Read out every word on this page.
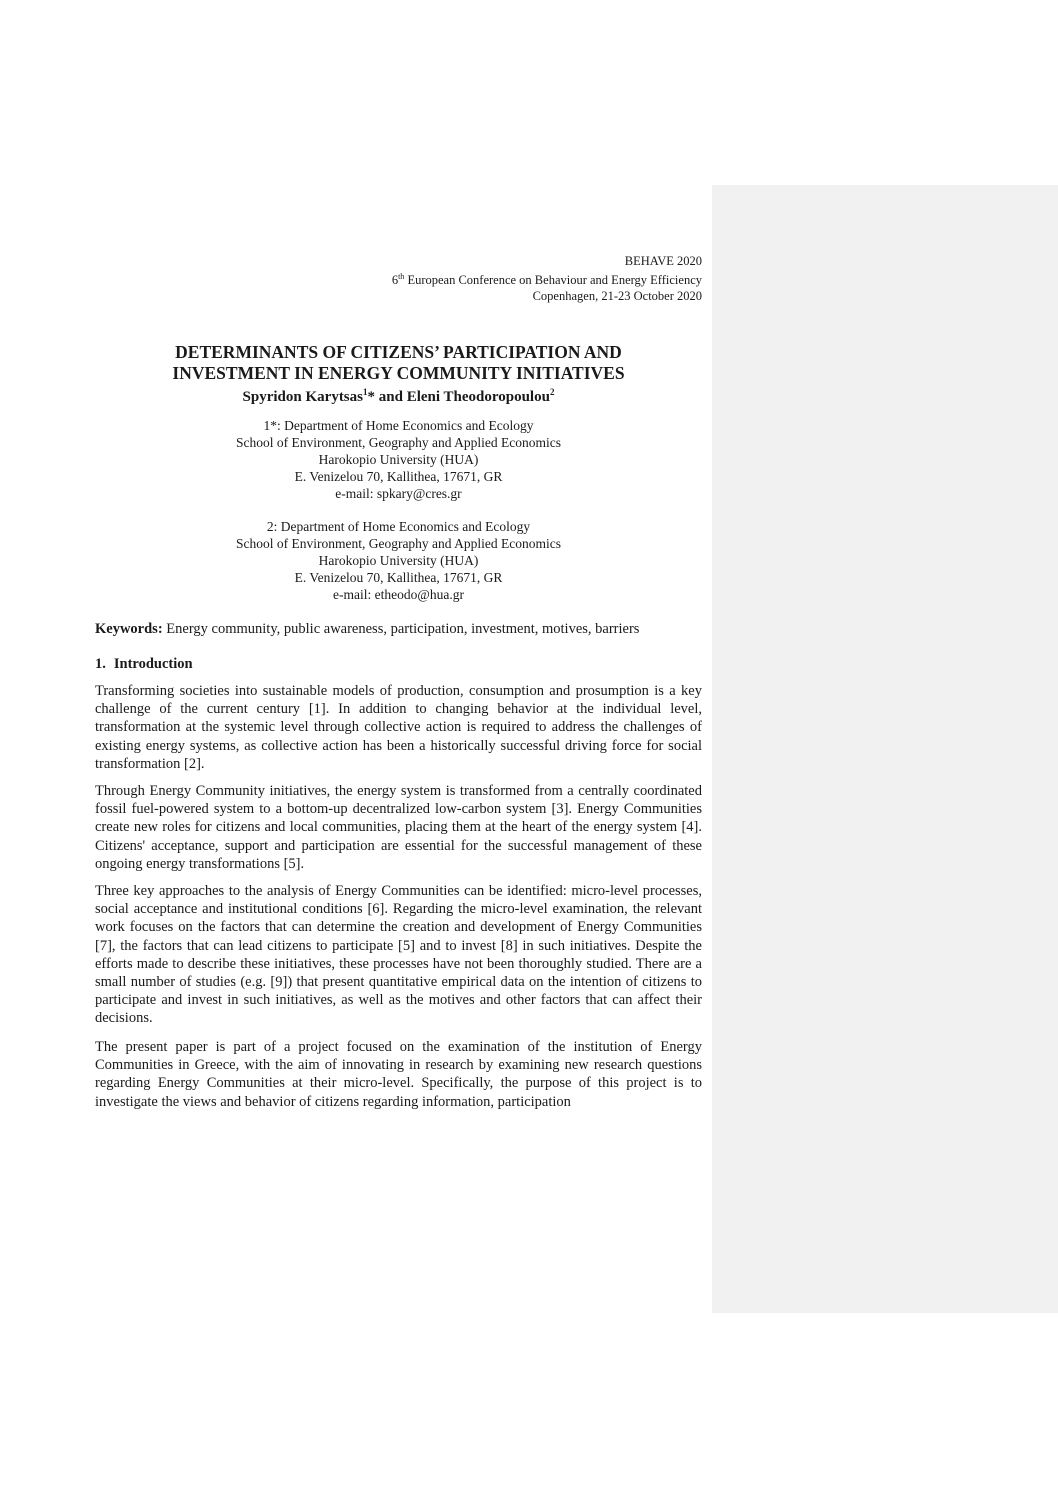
BEHAVE 2020
6th European Conference on Behaviour and Energy Efficiency
Copenhagen, 21-23 October 2020
DETERMINANTS OF CITIZENS’ PARTICIPATION AND
INVESTMENT IN ENERGY COMMUNITY INITIATIVES
Spyridon Karytsas$^1$* and Eleni Theodoropoulou$^2$
1*: Department of Home Economics and Ecology
School of Environment, Geography and Applied Economics
Harokopio University (HUA)
E. Venizelou 70, Kallithea, 17671, GR
e-mail: spkary@cres.gr
2: Department of Home Economics and Ecology
School of Environment, Geography and Applied Economics
Harokopio University (HUA)
E. Venizelou 70, Kallithea, 17671, GR
e-mail: etheodo@hua.gr
Keywords: Energy community, public awareness, participation, investment, motives, barriers
1. Introduction

Transforming societies into sustainable models of production, consumption and prosumption is a key challenge of the current century [1]. In addition to changing behavior at the individual level, transformation at the systemic level through collective action is required to address the challenges of existing energy systems, as collective action has been a historically successful driving force for social transformation [2].

Through Energy Community initiatives, the energy system is transformed from a centrally coordinated fossil fuel-powered system to a bottom-up decentralized low-carbon system [3]. Energy Communities create new roles for citizens and local communities, placing them at the heart of the energy system [4]. Citizens' acceptance, support and participation are essential for the successful management of these ongoing energy transformations [5].

Three key approaches to the analysis of Energy Communities can be identified: micro-level processes, social acceptance and institutional conditions [6]. Regarding the micro-level examination, the relevant work focuses on the factors that can determine the creation and development of Energy Communities [7], the factors that can lead citizens to participate [5] and to invest [8] in such initiatives. Despite the efforts made to describe these initiatives, these processes have not been thoroughly studied. There are a small number of studies (e.g. [9]) that present quantitative empirical data on the intention of citizens to participate and invest in such initiatives, as well as the motives and other factors that can affect their decisions.

The present paper is part of a project focused on the examination of the institution of Energy Communities in Greece, with the aim of innovating in research by examining new research questions regarding Energy Communities at their micro-level. Specifically, the purpose of this project is to investigate the views and behavior of citizens regarding information, participation
